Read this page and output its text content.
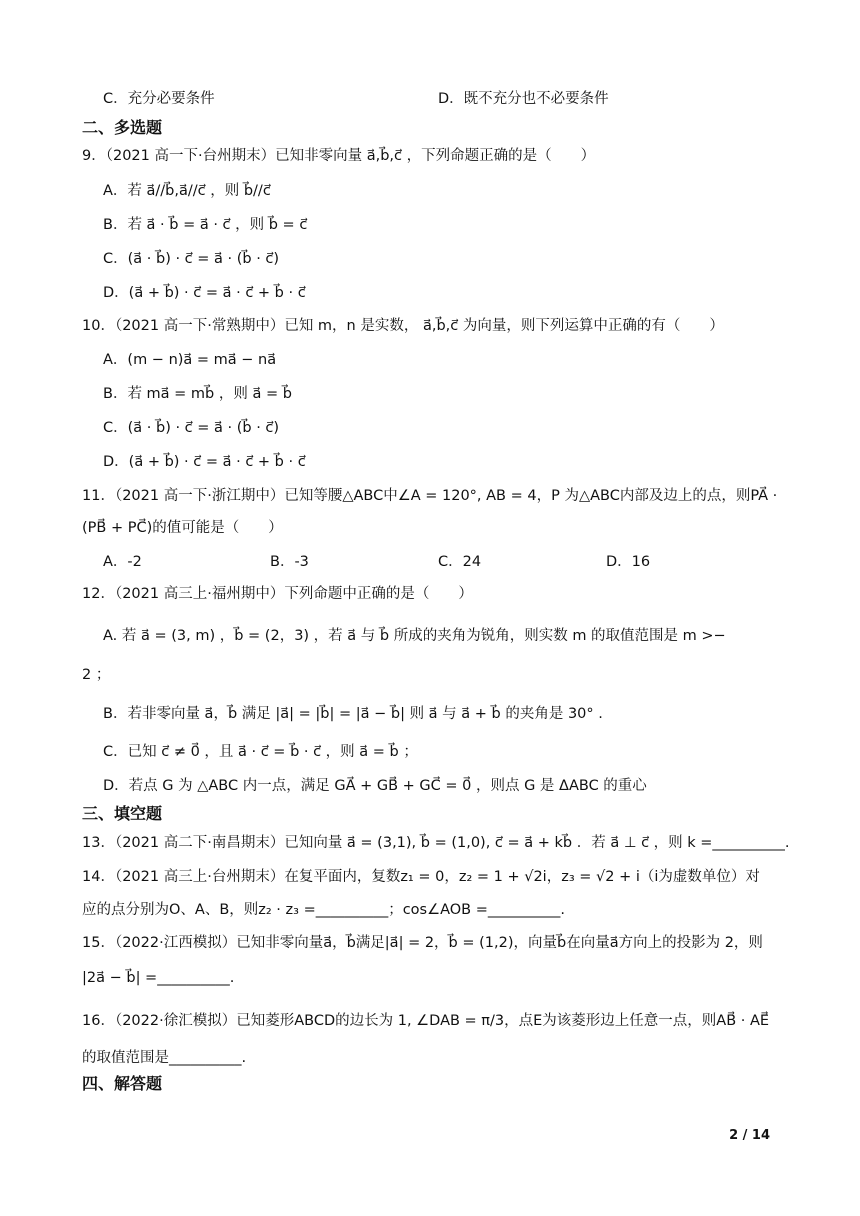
C．充分必要条件	D．既不充分也不必要条件
二、多选题
9．（2021 高一下·台州期末）已知非零向量 a⃗,b⃗,c⃗ ，下列命题正确的是（　　）
A．若 a⃗//b⃗,a⃗//c⃗ ，则 b⃗//c⃗
B．若 a⃗ · b⃗ = a⃗ · c⃗ ，则 b⃗ = c⃗
C．(a⃗ · b⃗) · c⃗ = a⃗ · (b⃗ · c⃗)
D．(a⃗ + b⃗) · c⃗ = a⃗ · c⃗ + b⃗ · c⃗
10．（2021 高一下·常熟期中）已知 m，n 是实数， a⃗,b⃗,c⃗ 为向量，则下列运算中正确的有（　　）
A．(m − n)a⃗ = ma⃗ − na⃗
B．若 ma⃗ = mb⃗ ，则 a⃗ = b⃗
C．(a⃗ · b⃗) · c⃗ = a⃗ · (b⃗ · c⃗)
D．(a⃗ + b⃗) · c⃗ = a⃗ · c⃗ + b⃗ · c⃗
11．（2021 高一下·浙江期中）已知等腰△ABC中∠A = 120°, AB = 4，P 为△ABC内部及边上的点，则PA⃗ ·
(PB⃗ + PC⃗)的值可能是（　　）
A．-2	B．-3	C．24	D．16
12．（2021 高三上·福州期中）下列命题中正确的是（　　）
A. 若 a⃗ = (3, m) ，b⃗ = (2，3) ，若 a⃗ 与 b⃗ 所成的夹角为锐角，则实数 m 的取值范围是 m >−
2 ；
B．若非零向量 a⃗，b⃗ 满足 |a⃗| = |b⃗| = |a⃗ − b⃗| 则 a⃗ 与 a⃗ + b⃗ 的夹角是 30° .
C．已知 c⃗ ≠ 0⃗ ，且 a⃗ · c⃗ = b⃗ · c⃗ ，则 a⃗ = b⃗ ；
D．若点 G 为 △ABC 内一点，满足 GA⃗ + GB⃗ + GC⃗ = 0⃗ ，则点 G 是 ΔABC 的重心
三、填空题
13．（2021 高二下·南昌期末）已知向量 a⃗ = (3,1), b⃗ = (1,0), c⃗ = a⃗ + kb⃗ ．若 a⃗ ⊥ c⃗ ，则 k =__________.
14．（2021 高三上·台州期末）在复平面内，复数z₁ = 0，z₂ = 1 + √2i，z₃ = √2 + i（i为虚数单位）对
应的点分别为O、A、B，则z₂ · z₃ =__________；cos∠AOB =__________.
15．（2022·江西模拟）已知非零向量a⃗，b⃗满足|a⃗| = 2，b⃗ = (1,2)，向量b⃗在向量a⃗方向上的投影为 2，则
|2a⃗ − b⃗| =__________.
16．（2022·徐汇模拟）已知菱形ABCD的边长为 1, ∠DAB = π/3，点E为该菱形边上任意一点，则AB⃗ · AE⃗
的取值范围是__________.
四、解答题
2 / 14
